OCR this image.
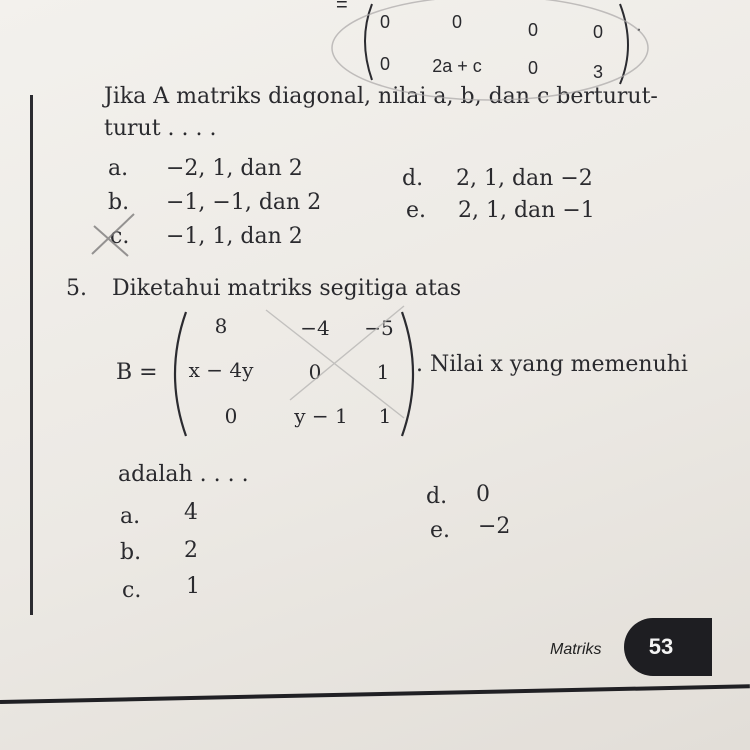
=
0	0	0	0
0	2a + c	0	3
.
Jika A matriks diagonal, nilai a, b, dan c berturut-
turut . . . .
a. −2, 1, dan 2
b. −1, −1, dan 2
c. −1, 1, dan 2
d. 2, 1, dan −2
e. 2, 1, dan −1
5. Diketahui matriks segitiga atas
B =
8	−4	−5
x − 4y	0	1
0	y − 1	1
. Nilai x yang memenuhi
adalah . . . .
a. 4
b. 2
c. 1
d. 0
e. −2
Matriks 53
